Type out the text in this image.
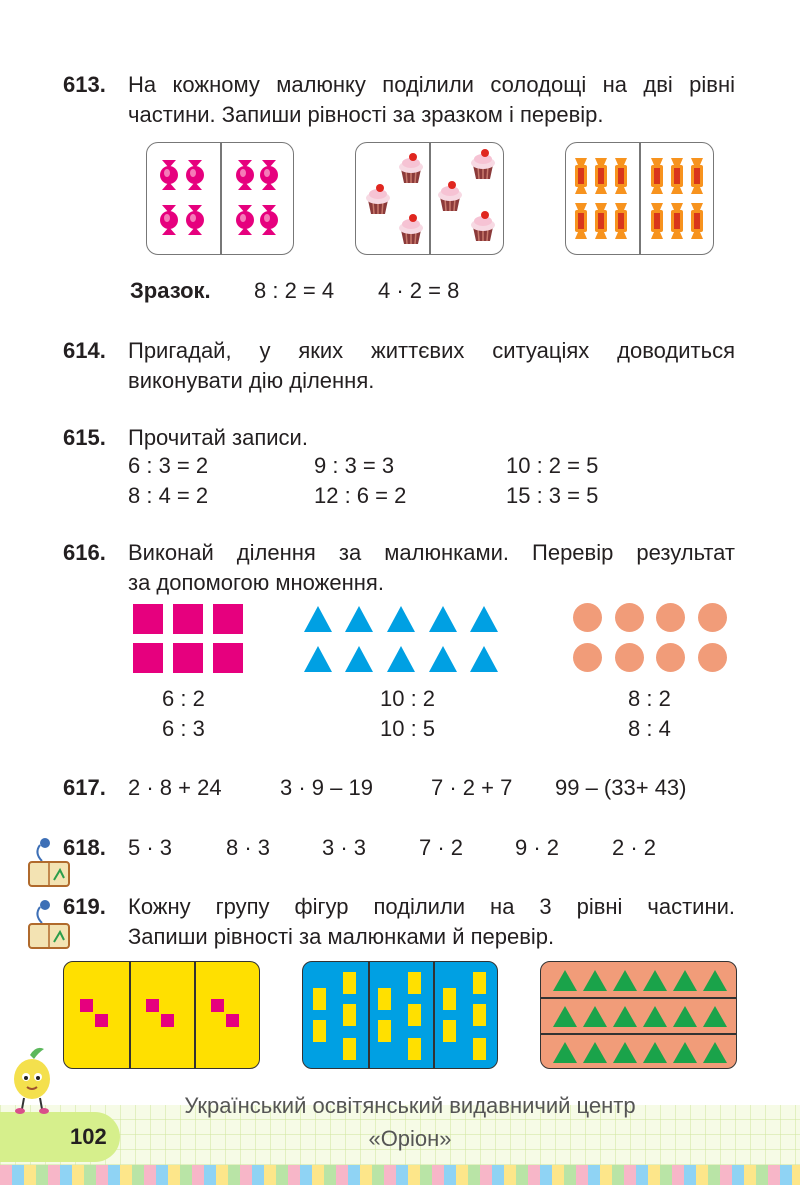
613. На кожному малюнку поділили солодощі на дві рівні
частини. Запиши рівності за зразком і перевір.
Зразок. 8 : 2 = 4 4 · 2 = 8
614. Пригадай, у яких життєвих ситуаціях доводиться
виконувати дію ділення.
615. Прочитай записи.
6 : 3 = 2	9 : 3 = 3	10 : 2 = 5
8 : 4 = 2	12 : 6 = 2	15 : 3 = 5
616. Виконай ділення за малюнками. Перевір результат
за допомогою множення.
6 : 2
6 : 3
10 : 2
10 : 5
8 : 2
8 : 4
617. 2 · 8 + 24	3 · 9 – 19	7 · 2 + 7 99 – (33+ 43)
618. 5 · 3 8 · 3 3 · 3 7 · 2 9 · 2 2 · 2
619. Кожну групу фігур поділили на 3 рівні частини.
Запиши рівності за малюнками й перевір.
102
Український освітянський видавничий центр
«Оріон»
